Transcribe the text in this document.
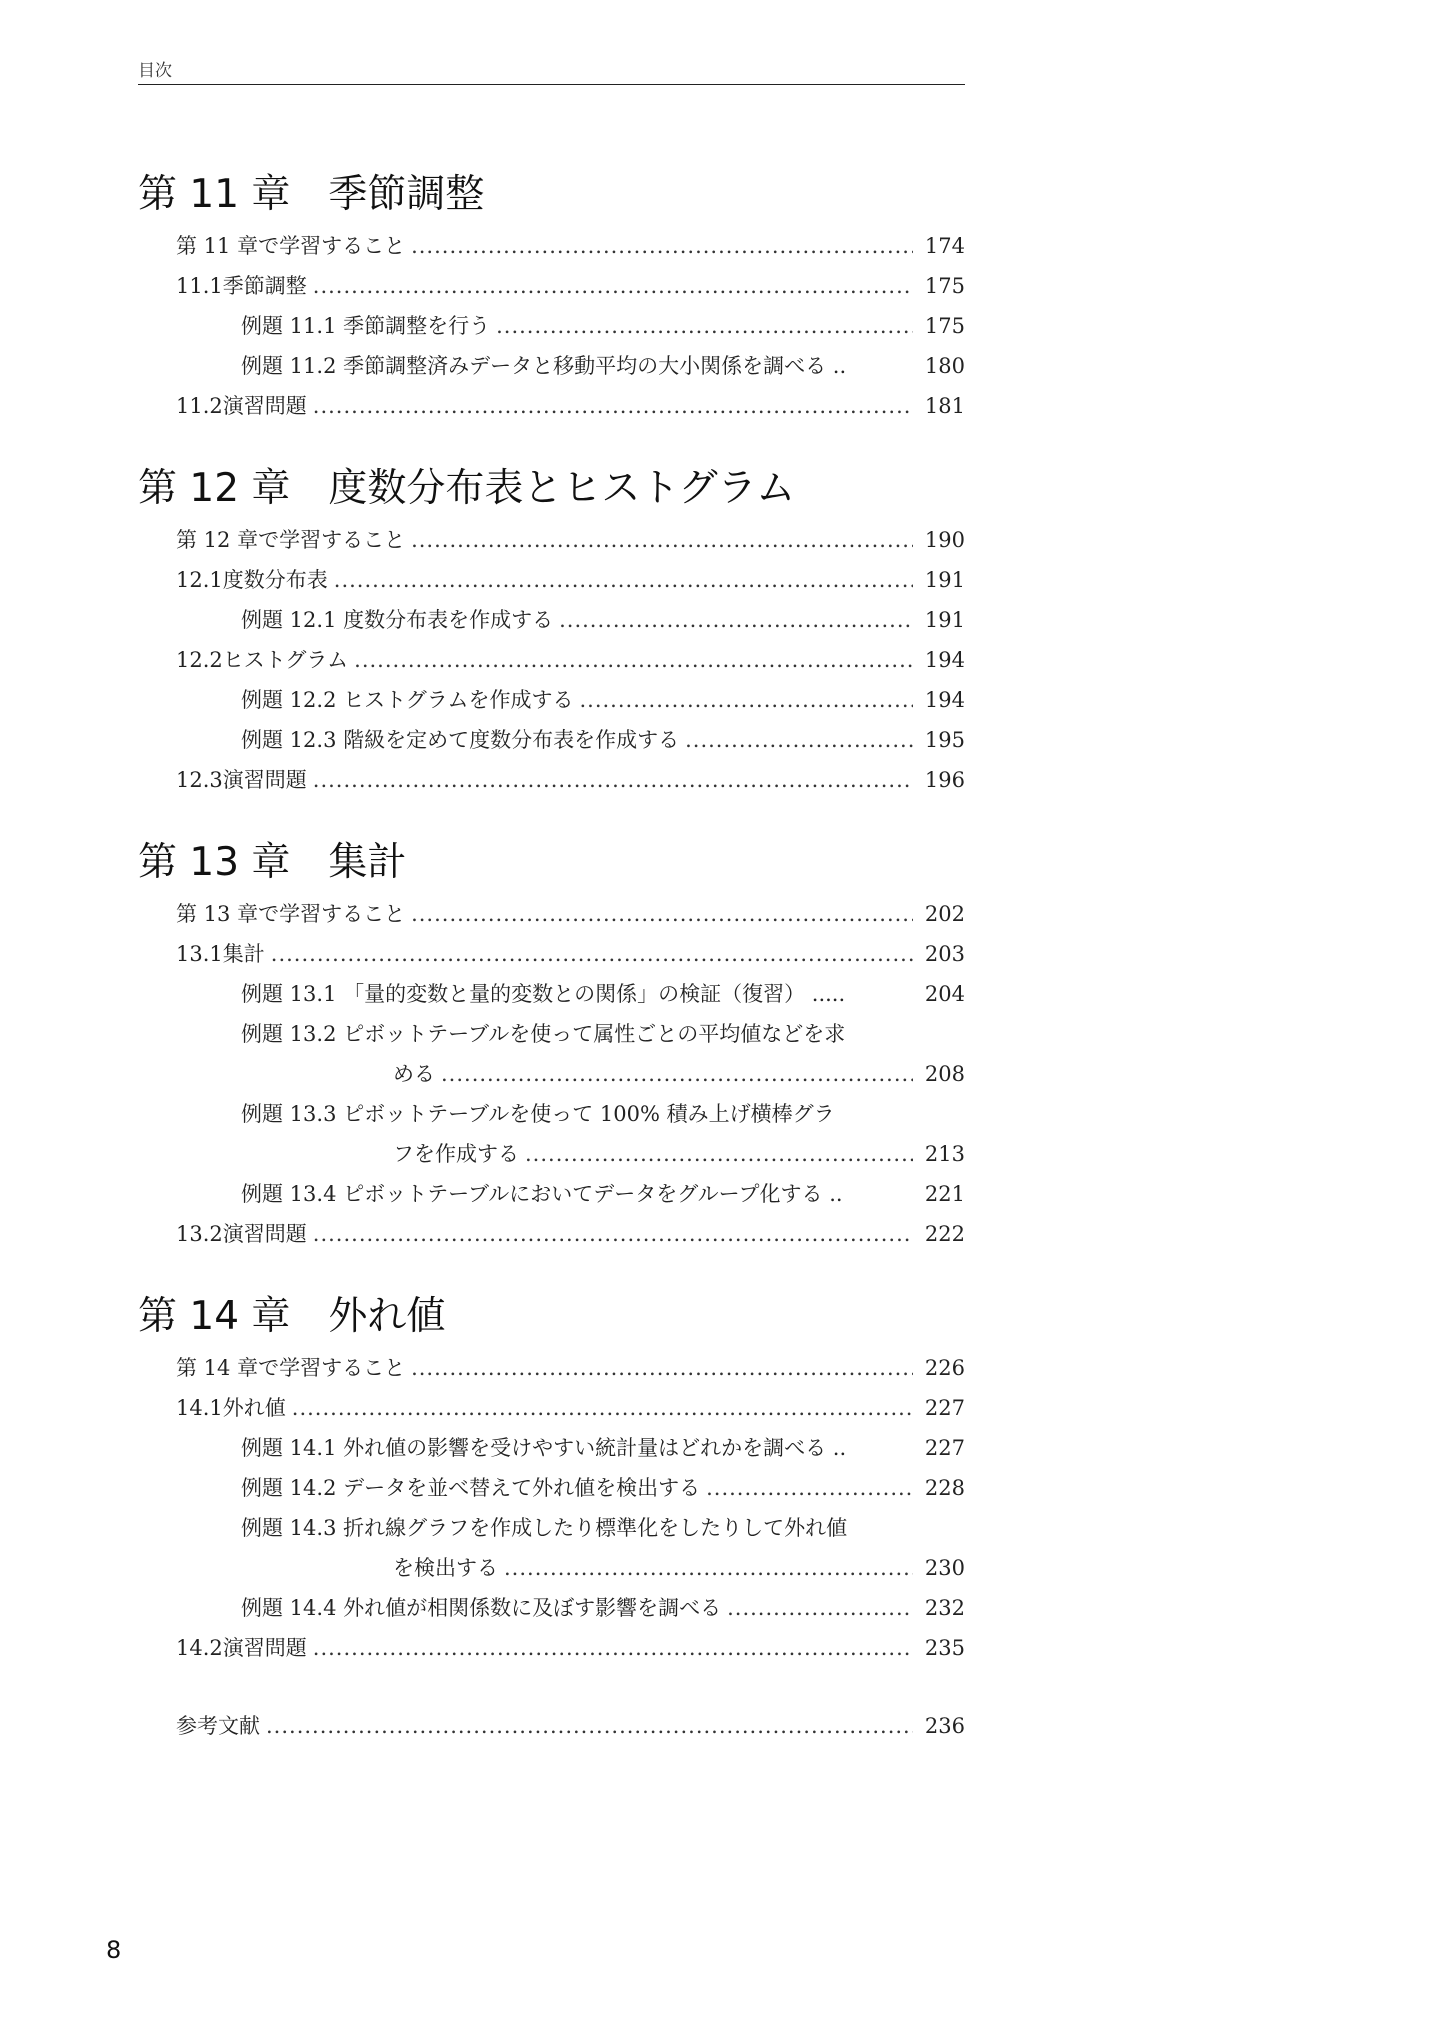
目次
第 11 章 季節調整
第 11 章で学習すること .....	174
11.1 季節調整 .....	175
例題 11.1 季節調整を行う .....	175
例題 11.2 季節調整済みデータと移動平均の大小関係を調べる ..	180
11.2 演習問題 .....	181
第 12 章 度数分布表とヒストグラム
第 12 章で学習すること .....	190
12.1 度数分布表 .....	191
例題 12.1 度数分布表を作成する .....	191
12.2 ヒストグラム .....	194
例題 12.2 ヒストグラムを作成する .....	194
例題 12.3 階級を定めて度数分布表を作成する .....	195
12.3 演習問題 .....	196
第 13 章 集計
第 13 章で学習すること .....	202
13.1 集計 .....	203
例題 13.1 「量的変数と量的変数との関係」の検証（復習） .....	204
例題 13.2 ピボットテーブルを使って属性ごとの平均値などを求
める .....	208
例題 13.3 ピボットテーブルを使って 100% 積み上げ横棒グラ
フを作成する .....	213
例題 13.4 ピボットテーブルにおいてデータをグループ化する ..	221
13.2 演習問題 .....	222
第 14 章 外れ値
第 14 章で学習すること .....	226
14.1 外れ値 .....	227
例題 14.1 外れ値の影響を受けやすい統計量はどれかを調べる ..	227
例題 14.2 データを並べ替えて外れ値を検出する .....	228
例題 14.3 折れ線グラフを作成したり標準化をしたりして外れ値
を検出する .....	230
例題 14.4 外れ値が相関係数に及ぼす影響を調べる .....	232
14.2 演習問題 .....	235
参考文献 .....	236
8
